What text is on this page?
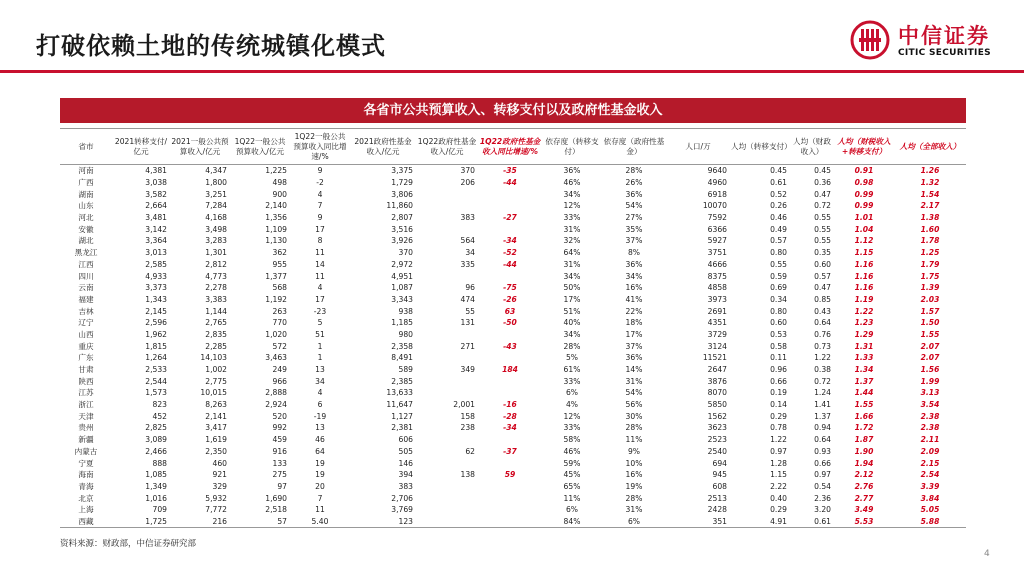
打破依赖土地的传统城镇化模式	中信证券
CITIC SECURITIES
各省市公共预算收入、转移支付以及政府性基金收入
省市	2021转移支付/亿元	2021一般公共预算收入/亿元	1Q22一般公共预算收入/亿元	1Q22一般公共预算收入同比增速/%	2021政府性基金收入/亿元	1Q22政府性基金收入/亿元	1Q22政府性基金收入同比增速/%	依存度（转移支付）	依存度（政府性基金）	人口/万	人均（转移支付）	人均（财政收入）	人均（财税收入+转移支付）	人均（全部收入）
河南	4,381	4,347	1,225	9	3,375	370	-35	36%	28%	9640	0.45	0.45	0.91	1.26
广西	3,038	1,800	498	-2	1,729	206	-44	46%	26%	4960	0.61	0.36	0.98	1.32
湖南	3,582	3,251	900	4	3,806			34%	36%	6918	0.52	0.47	0.99	1.54
山东	2,664	7,284	2,140	7	11,860			12%	54%	10070	0.26	0.72	0.99	2.17
河北	3,481	4,168	1,356	9	2,807	383	-27	33%	27%	7592	0.46	0.55	1.01	1.38
安徽	3,142	3,498	1,109	17	3,516			31%	35%	6366	0.49	0.55	1.04	1.60
湖北	3,364	3,283	1,130	8	3,926	564	-34	32%	37%	5927	0.57	0.55	1.12	1.78
黑龙江	3,013	1,301	362	11	370	34	-52	64%	8%	3751	0.80	0.35	1.15	1.25
江西	2,585	2,812	955	14	2,972	335	-44	31%	36%	4666	0.55	0.60	1.16	1.79
四川	4,933	4,773	1,377	11	4,951			34%	34%	8375	0.59	0.57	1.16	1.75
云南	3,373	2,278	568	4	1,087	96	-75	50%	16%	4858	0.69	0.47	1.16	1.39
福建	1,343	3,383	1,192	17	3,343	474	-26	17%	41%	3973	0.34	0.85	1.19	2.03
吉林	2,145	1,144	263	-23	938	55	63	51%	22%	2691	0.80	0.43	1.22	1.57
辽宁	2,596	2,765	770	5	1,185	131	-50	40%	18%	4351	0.60	0.64	1.23	1.50
山西	1,962	2,835	1,020	51	980			34%	17%	3729	0.53	0.76	1.29	1.55
重庆	1,815	2,285	572	1	2,358	271	-43	28%	37%	3124	0.58	0.73	1.31	2.07
广东	1,264	14,103	3,463	1	8,491			5%	36%	11521	0.11	1.22	1.33	2.07
甘肃	2,533	1,002	249	13	589	349	184	61%	14%	2647	0.96	0.38	1.34	1.56
陕西	2,544	2,775	966	34	2,385			33%	31%	3876	0.66	0.72	1.37	1.99
江苏	1,573	10,015	2,888	4	13,633			6%	54%	8070	0.19	1.24	1.44	3.13
浙江	823	8,263	2,924	6	11,647	2,001	-16	4%	56%	5850	0.14	1.41	1.55	3.54
天津	452	2,141	520	-19	1,127	158	-28	12%	30%	1562	0.29	1.37	1.66	2.38
贵州	2,825	3,417	992	13	2,381	238	-34	33%	28%	3623	0.78	0.94	1.72	2.38
新疆	3,089	1,619	459	46	606			58%	11%	2523	1.22	0.64	1.87	2.11
内蒙古	2,466	2,350	916	64	505	62	-37	46%	9%	2540	0.97	0.93	1.90	2.09
宁夏	888	460	133	19	146			59%	10%	694	1.28	0.66	1.94	2.15
海南	1,085	921	275	19	394	138	59	45%	16%	945	1.15	0.97	2.12	2.54
青海	1,349	329	97	20	383			65%	19%	608	2.22	0.54	2.76	3.39
北京	1,016	5,932	1,690	7	2,706			11%	28%	2513	0.40	2.36	2.77	3.84
上海	709	7,772	2,518	11	3,769			6%	31%	2428	0.29	3.20	3.49	5.05
西藏	1,725	216	57	5.40	123			84%	6%	351	4.91	0.61	5.53	5.88
资料来源：财政部，中信证券研究部
4
